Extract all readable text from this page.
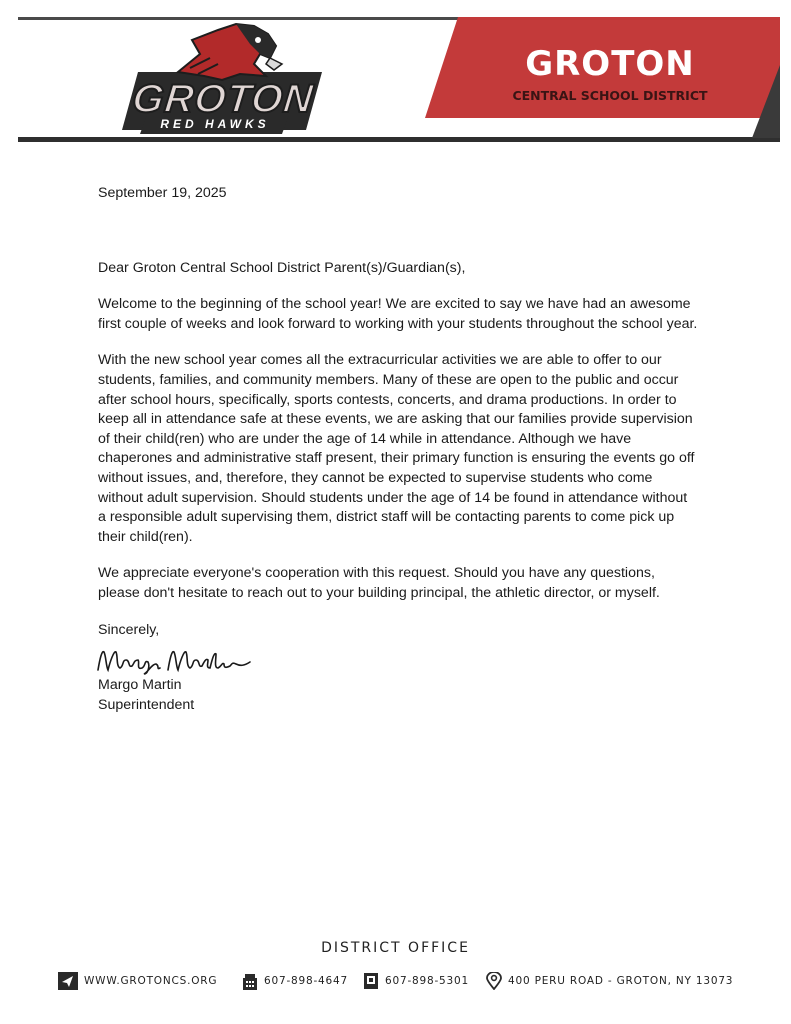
GROTON
RED HAWKS
GROTON
CENTRAL SCHOOL DISTRICT

September 19, 2025

Dear Groton Central School District Parent(s)/Guardian(s),

Welcome to the beginning of the school year! We are excited to say we have had an awesome first couple of weeks and look forward to working with your students throughout the school year.

With the new school year comes all the extracurricular activities we are able to offer to our students, families, and community members. Many of these are open to the public and occur after school hours, specifically, sports contests, concerts, and drama productions. In order to keep all in attendance safe at these events, we are asking that our families provide supervision of their child(ren) who are under the age of 14 while in attendance. Although we have chaperones and administrative staff present, their primary function is ensuring the events go off without issues, and, therefore, they cannot be expected to supervise students who come without adult supervision. Should students under the age of 14 be found in attendance without a responsible adult supervising them, district staff will be contacting parents to come pick up their child(ren).

We appreciate everyone's cooperation with this request. Should you have any questions, please don't hesitate to reach out to your building principal, the athletic director, or myself.

Sincerely,

Margo Martin

Superintendent

DISTRICT OFFICE
WWW.GROTONCS.ORG	607-898-4647	607-898-5301	400 PERU ROAD - GROTON, NY 13073
